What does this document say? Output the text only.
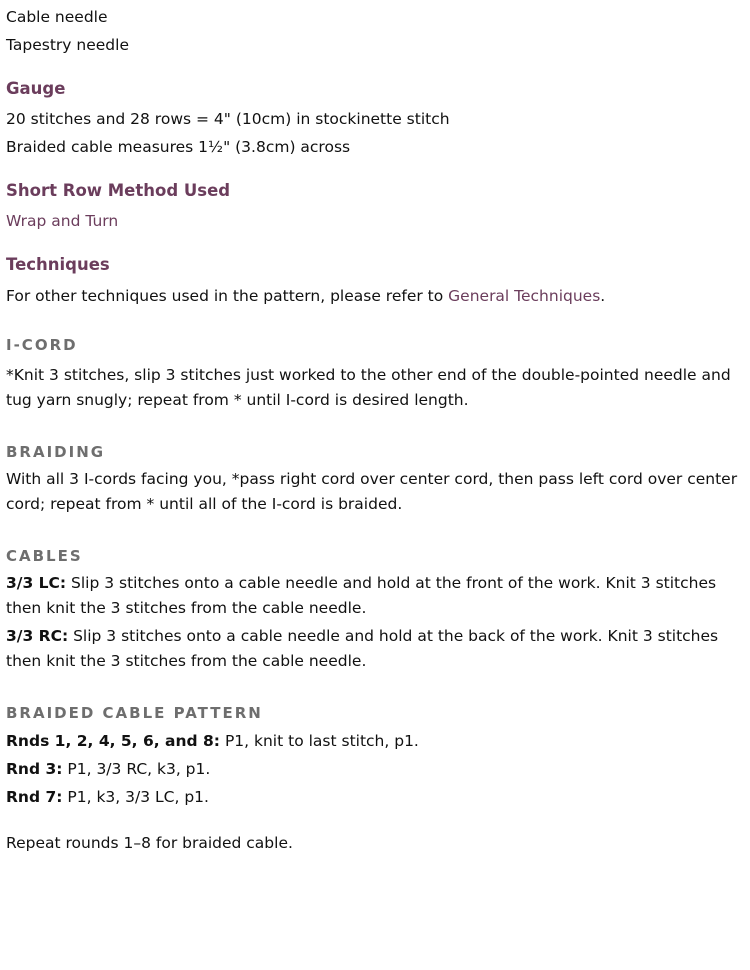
Cable needle

Tapestry needle

Gauge

20 stitches and 28 rows = 4" (10cm) in stockinette stitch

Braided cable measures 1½" (3.8cm) across

Short Row Method Used

Wrap and Turn

Techniques

For other techniques used in the pattern, please refer to General Techniques.

I-CORD

*Knit 3 stitches, slip 3 stitches just worked to the other end of the double-pointed needle and tug yarn snugly; repeat from * until I-cord is desired length.

BRAIDING

With all 3 I-cords facing you, *pass right cord over center cord, then pass left cord over center cord; repeat from * until all of the I-cord is braided.

CABLES

3/3 LC: Slip 3 stitches onto a cable needle and hold at the front of the work. Knit 3 stitches then knit the 3 stitches from the cable needle.

3/3 RC: Slip 3 stitches onto a cable needle and hold at the back of the work. Knit 3 stitches then knit the 3 stitches from the cable needle.

BRAIDED CABLE PATTERN

Rnds 1, 2, 4, 5, 6, and 8: P1, knit to last stitch, p1.

Rnd 3: P1, 3/3 RC, k3, p1.

Rnd 7: P1, k3, 3/3 LC, p1.

Repeat rounds 1–8 for braided cable.
